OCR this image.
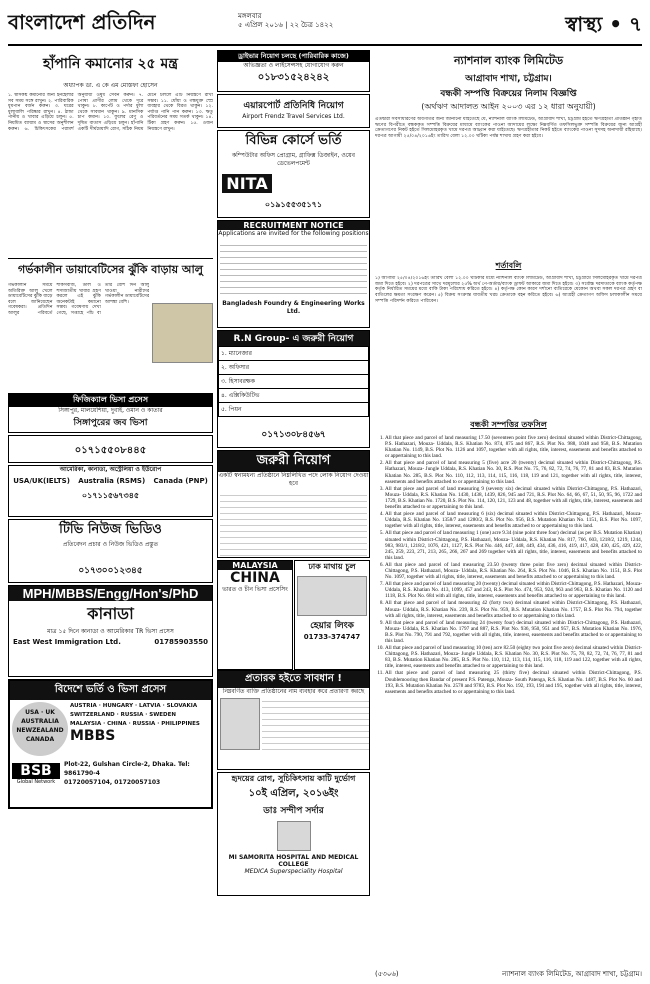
বাংলাদেশ প্রতিদিন	মঙ্গলবার
৫ এপ্রিল ২০১৬ | ২২ চৈত্র ১৪২২	স্বাস্থ্য • ৭
হাঁপানি কমানোর ২৫ মন্ত্র
অধ্যাপক ডা. এ কে এম মোস্তফা হোসেন
১. শ্বাসকষ্ট কমানোর জন্য ইনহেলার সব সময় সঙ্গে রাখুন। ২. পারিবারিক ধূমপান বর্জন করুন। ৩. ঘরের ধুলাবালি পরিষ্কার রাখুন। ৪. ঠান্ডা পানীয় ও খাবার এড়িয়ে চলুন। ৫. নিয়মিত ব্যায়াম ও শ্বাসের অনুশীলন করুন। ৬. চিকিৎসকের পরামর্শ অনুযায়ী ওষুধ সেবন করুন। ৭. পোষা প্রাণীর লোম থেকে দূরে থাকুন। ৮. কার্পেট ও পর্দার ধুলা থেকে সাবধান থাকুন। ৯. মানসিক চাপ কমান। ১০. ফুলের রেণু ও দূষিত বাতাস এড়িয়ে চলুন। হাঁপানি একটি দীর্ঘমেয়াদি রোগ, সঠিক নিয়ম মেনে চললে এটি নিয়ন্ত্রণে রাখা সম্ভব। ১১. ধোঁয়া ও গন্ধযুক্ত স্প্রে ব্যবহার থেকে বিরত থাকুন। ১২. পর্যাপ্ত পানি পান করুন। ১৩. ঋতু পরিবর্তনের সময় সতর্ক থাকুন। ১৪. টিকা গ্রহণ করুন। ১৫. ওজন নিয়ন্ত্রণে রাখুন।
গর্ভকালীন ডায়াবেটিসের ঝুঁকি বাড়ায় আলু
গর্ভকালীন সময়ে অতিরিক্ত আলু খেলে ডায়াবেটিসের ঝুঁকি বাড়ে বলে জানিয়েছেন গবেষকরা। প্রতিদিন আলুর পরিবর্তে শাকসবজি, ডাল ও শস্যজাতীয় খাবার গ্রহণ করলে এই ঝুঁকি অনেকটাই কমানো সম্ভব। গবেষণায় দেখা গেছে, সপ্তাহে পাঁচ বা তার বেশি দিন আলু খাওয়া নারীদের গর্ভকালীন ডায়াবেটিসের আশঙ্কা বেশি।
ফিজিক্যাল ভিসা প্রসেস
সিঙ্গাপুর, মালয়েশিয়া, দুবাই, ওমান ও কাতার
সিঙ্গাপুরের জব ভিসা
০১৭১৫৫০৮৪৪৫
আমেরিকা, কানাডা, অস্ট্রেলিয়া ও ইউরোপ
USA/UK(IELTS) Australia (RSMS) Canada (PNP)
০১৭১১৫৬৭৩৪৫
টিভি নিউজ ভিডিও
প্রতিবেদন প্রচার ও নিউজ ভিডিও প্রস্তুত
০১৭৩০০১২৩৪৫
MPH/MBBS/Engg/Hon's/PhD
কানাডা
মাত্র ১৫ দিনে কানাডা ও আমেরিকার TR ভিসা প্রসেস
East West Immigration Ltd.	01785903550
বিদেশে ভর্তি ও ভিসা প্রসেস
USA · UK
AUSTRALIA
NEWZEALAND
CANADA
AUSTRIA · HUNGARY · LATVIA · SLOVAKIA
SWITZERLAND · RUSSIA · SWEDEN
MALAYSIA · CHINA · RUSSIA · PHILIPPINES
MBBS
BSB
Global Network
Plot-22, Gulshan Circle-2, Dhaka. Tel: 9861790-4
01720057104, 01720057103
ড্রাইভার নিয়োগ চলছে (পারিবারিক কাজে)
অভিজ্ঞতা ও লাইসেন্সসহ যোগাযোগ করুন
০১৮৩১৫২৪২৪২
এয়ারপোর্ট প্রতিনিধি নিয়োগ
Airport Frendz Travel Services Ltd.
বিভিন্ন কোর্সে ভর্তি
কম্পিউটার অফিস প্রোগ্রাম, গ্রাফিক্স ডিজাইন, ওয়েব ডেভেলপমেন্ট
NITA
০১৯১৫৫৩৫১৭১
RECRUITMENT NOTICE
Applications are invited for the following positions
Bangladesh Foundry & Engineering Works Ltd.
R.N Group- এ জরুরী নিয়োগ
১. ম্যানেজার
২. অফিসার
৩. হিসাবরক্ষক
৪. এক্সিকিউটিভ
৫. পিয়ন
০১৭১৩০৮৪৫৬৭
জরুরী নিয়োগ
একটি স্বনামধন্য প্রতিষ্ঠানে নিম্নলিখিত পদে লোক নিয়োগ দেওয়া হবে
MALAYSIA
CHINA
ভারত ও চীন ভিসা প্রসেসিং
ঢাক মাথায় চুল
হেয়ার লিংক
01733-374747
প্রতারক হইতে সাবধান !
নিম্নবর্ণিত ব্যক্তি প্রতিষ্ঠানের নাম ব্যবহার করে প্রতারণা করছে
হৃদয়ের রোগ, সুচিকিৎসায় কাটি দুর্ভোগ
১০ই এপ্রিল, ২০১৬ইং
ডাঃ সন্দীপ সর্দার
MI SAMORITA HOSPITAL AND MEDICAL COLLEGE
MEDICA Superspeciality Hospital
ন্যাশনাল ব্যাংক লিমিটেড
আগ্রাবাদ শাখা, চট্টগ্রাম।
বন্ধকী সম্পত্তি বিক্রয়ের নিলাম বিজ্ঞপ্তি
(অর্থঋণ আদালত আইন ২০০৩ এর ১২ ধারা অনুযায়ী)
এতদ্বারা সর্বসাধারণের অবগতির জন্য জানানো যাইতেছে যে, ন্যাশনাল ব্যাংক লিমিটেড, আগ্রাবাদ শাখা, চট্টগ্রাম হইতে ঋণগ্রহীতা প্রতিষ্ঠান গৃহীত ঋণের বিপরীতে বন্ধককৃত সম্পত্তি বিক্রয়ের মাধ্যমে ব্যাংকের পাওনা আদায়ের লক্ষ্যে নিম্নবর্ণিত তফসিলভুক্ত সম্পত্তি বিক্রয়ের জন্য আগ্রহী ক্রেতাগণের নিকট হইতে সিলমোহরকৃত খামে দরপত্র আহ্বান করা যাইতেছে। ঋণগ্রহীতার নিকট হইতে ব্যাংকের পাওনা সুদসহ অনাদায়ী রহিয়াছে। দরপত্র আগামী ২৫/০৪/২০১৬ইং তারিখ বেলা ১২.০০ ঘটিকা পর্যন্ত শাখায় গ্রহণ করা হইবে।
শর্তাবলি
১) আগামী ২৫/০৪/২০১৬ইং তারিখ বেলা ১২.০০ ঘটিকার মধ্যে ন্যাশনাল ব্যাংক লিমিটেড, আগ্রাবাদ শাখা, চট্টগ্রামে সিলমোহরকৃত খামে দরপত্র জমা দিতে হইবে। ২) দরপত্রের সাথে দরমূল্যের ২৫% অর্থ পে-অর্ডার/ব্যাংক ড্রাফট আকারে জমা দিতে হইবে। ৩) সর্বোচ্চ দরদাতাকে ব্যাংক কর্তৃপক্ষ কর্তৃক নির্ধারিত সময়ের মধ্যে বাকি টাকা পরিশোধ করিতে হইবে। ৪) কর্তৃপক্ষ কোন কারণ দর্শানো ব্যতিরেকে যেকোন অথবা সকল দরপত্র গ্রহণ বা বাতিলের ক্ষমতা সংরক্ষণ করেন। ৫) বিক্রয় সংক্রান্ত যাবতীয় খরচ ক্রেতাকে বহন করিতে হইবে। ৬) আগ্রহী ক্রেতাগণ অফিস চলাকালীন সময়ে সম্পত্তি পরিদর্শন করিতে পারিবেন।
বন্ধকী সম্পত্তির তফসিল
1. All that piece and parcel of land measuring 17.50 (seventeen point five zero) decimal situated within District-Chittagong, P.S. Hathazari, Mouza- Uddala, R.S. Khatian No. 874, 875 and 867, R.S. Plot No. 988, 1048 and 958, B.S. Mutation Khatian No. 1149, B.S. Plot No. 1126 and 1097, together with all rights, title, interest, easements and benefits attached to or appertaining to this land.
2. All that piece and parcel of land measuring 5 (five) acre 20 (twenty) decimal situated within District-Chittagong, P.S. Hathazari, Mouza- Jungle Uddala, R.S. Khatian No. 30, R.S. Plot No. 75, 76, 82, 72, 74, 76, 77, 81 and 83, B.S. Mutation Khatian No. 285, B.S. Plot No. 110, 112, 113, 114, 115, 116, 118, 119 and 121, together with all rights, title, interest, easements and benefits attached to or appertaining to this land.
3. All that piece and parcel of land measuring 9 (seventy six) decimal situated within District-Chittagong, P.S. Hathazari, Mouza- Uddala, R.S. Khatian No. 1430, 1438, 1439, 826, 945 and 721, R.S. Plot No. 64, 66, 67, 51, 50, 95, 96, 1722 and 1729, B.S. Khatian No. 1720, B.S. Plot No. 114, 120, 121, 123 and 48, together with all rights, title, interest, easements and benefits attached to or appertaining to this land.
4. All that piece and parcel of land measuring 6 (six) decimal situated within District-Chittagong, P.S. Hathazari, Mouza- Uddala, R.S. Khatian No. 1358/7 and 1280/2, R.S. Plot No. 956, B.S. Mutation Khatian No. 1151, B.S. Plot No. 1097, together with all rights, title, interest, easements and benefits attached to or appertaining to this land.
5. All that piece and parcel of land measuring 1 (one) acre 9.34 (nine point three four) decimal (as per B.S. Mutation Khatian) situated within District-Chittagong, P.S. Hathazari, Mouza- Uddala, R.S. Khatian No. 817, 766, 603, 1218/2, 1219, 1244, 983, 983/1, 1218/2, 1076, 421, 1127, R.S. Plot No. 446, 447, 448, 449, 434, 436, 416, 419, 417, 428, 430, 425, 429, 422, 245, 259, 223, 271, 213, 265, 266, 267 and 269 together with all rights, title, interest, easements and benefits attached to this land.
6. All that piece and parcel of land measuring 23.50 (twenty three point five zero) decimal situated within District-Chittagong, P.S. Hathazari, Mouza- Uddala, R.S. Khatian No. 264, R.S. Plot No. 1046, B.S. Khatian No. 1151, B.S. Plot No. 1097, together with all rights, title, interest, easements and benefits attached to or appertaining to this land.
7. All that piece and parcel of land measuring 20 (twenty) decimal situated within District-Chittagong, P.S. Hathazari, Mouza- Uddala, R.S. Khatian No. 413, 1099, 457 and 243, R.S. Plot No. 474, 953, 924, 963 and 963, B.S. Khatian No. 1120 and 1118, B.S. Plot No. 684 with all rights, title, interest, easements and benefits attached to or appertaining to this land.
8. All that piece and parcel of land measuring 42 (forty two) decimal situated within District-Chittagong, P.S. Hathazari, Mouza- Uddala, R.S. Khatian No. 239, R.S. Plot No. 959, B.S. Mutation Khatian No. 1757, B.S. Plot No. 794, together with all rights, title, interest, easements and benefits attached to or appertaining to this land.
9. All that piece and parcel of land measuring 24 (twenty four) decimal situated within District-Chittagong, P.S. Hathazari, Mouza- Uddala, R.S. Khatian No. 1797 and 887, R.S. Plot No. 936, 950, 951 and 957, B.S. Mutation Khatian No. 1976, B.S. Plot No. 790, 791 and 792, together with all rights, title, interest, easements and benefits attached to or appertaining to this land.
10. All that piece and parcel of land measuring 10 (ten) acre 82.50 (eighty two point five zero) decimal situated within District-Chittagong, P.S. Hathazari, Mouza- Jungle Uddala, R.S. Khatian No. 30, R.S. Plot No. 75, 78, 82, 72, 74, 76, 77, 81 and 83, B.S. Mutation Khatian No. 285, B.S. Plot No. 110, 112, 113, 114, 115, 116, 118, 119 and 122, together with all rights, title, interest, easements and benefits attached to or appertaining to this land.
11. All that piece and parcel of land measuring 25 (thirty five) decimal situated within District-Chittagong, P.S. Doublemooring then Bandar of present P.S. Patenga, Mouza- South Patenga, R.S. Khatian No. 1487, B.S. Plot No. 60 and 193, B.S. Mutation Khatian No. 2578 and 9783, B.S. Plot No. 192, 193, 194 and 195, together with all rights, title, interest, easements and benefits attached to or appertaining to this land.
(৫৩০৬)	ন্যাশনাল ব্যাংক লিমিটেড, আগ্রাবাদ শাখা, চট্টগ্রাম।
